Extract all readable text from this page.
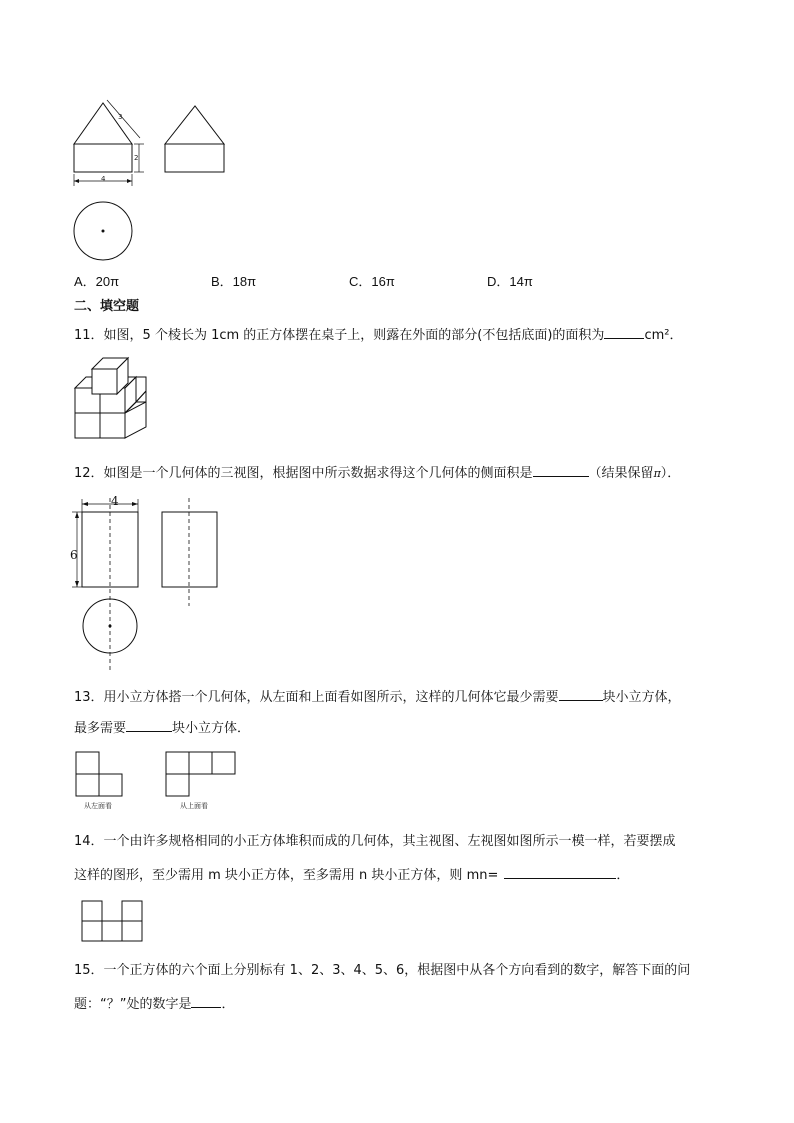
3
2
4
A．20π	B．18π	C．16π	D．14π
二、填空题
11．如图，5 个棱长为 1cm 的正方体摆在桌子上，则露在外面的部分(不包括底面)的面积为	cm²．
12．如图是一个几何体的三视图，根据图中所示数据求得这个几何体的侧面积是	（结果保留π）．
4
6
13．用小立方体搭一个几何体，从左面和上面看如图所示，这样的几何体它最少需要	块小立方体，
最多需要	块小立方体．
从左面看	从上面看
14．一个由许多规格相同的小正方体堆积而成的几何体，其主视图、左视图如图所示一模一样，若要摆成
这样的图形，至少需用 m 块小正方体，至多需用 n 块小正方体，则 mn=	．
15．一个正方体的六个面上分别标有 1、2、3、4、5、6，根据图中从各个方向看到的数字，解答下面的问
题：“？”处的数字是 ．
